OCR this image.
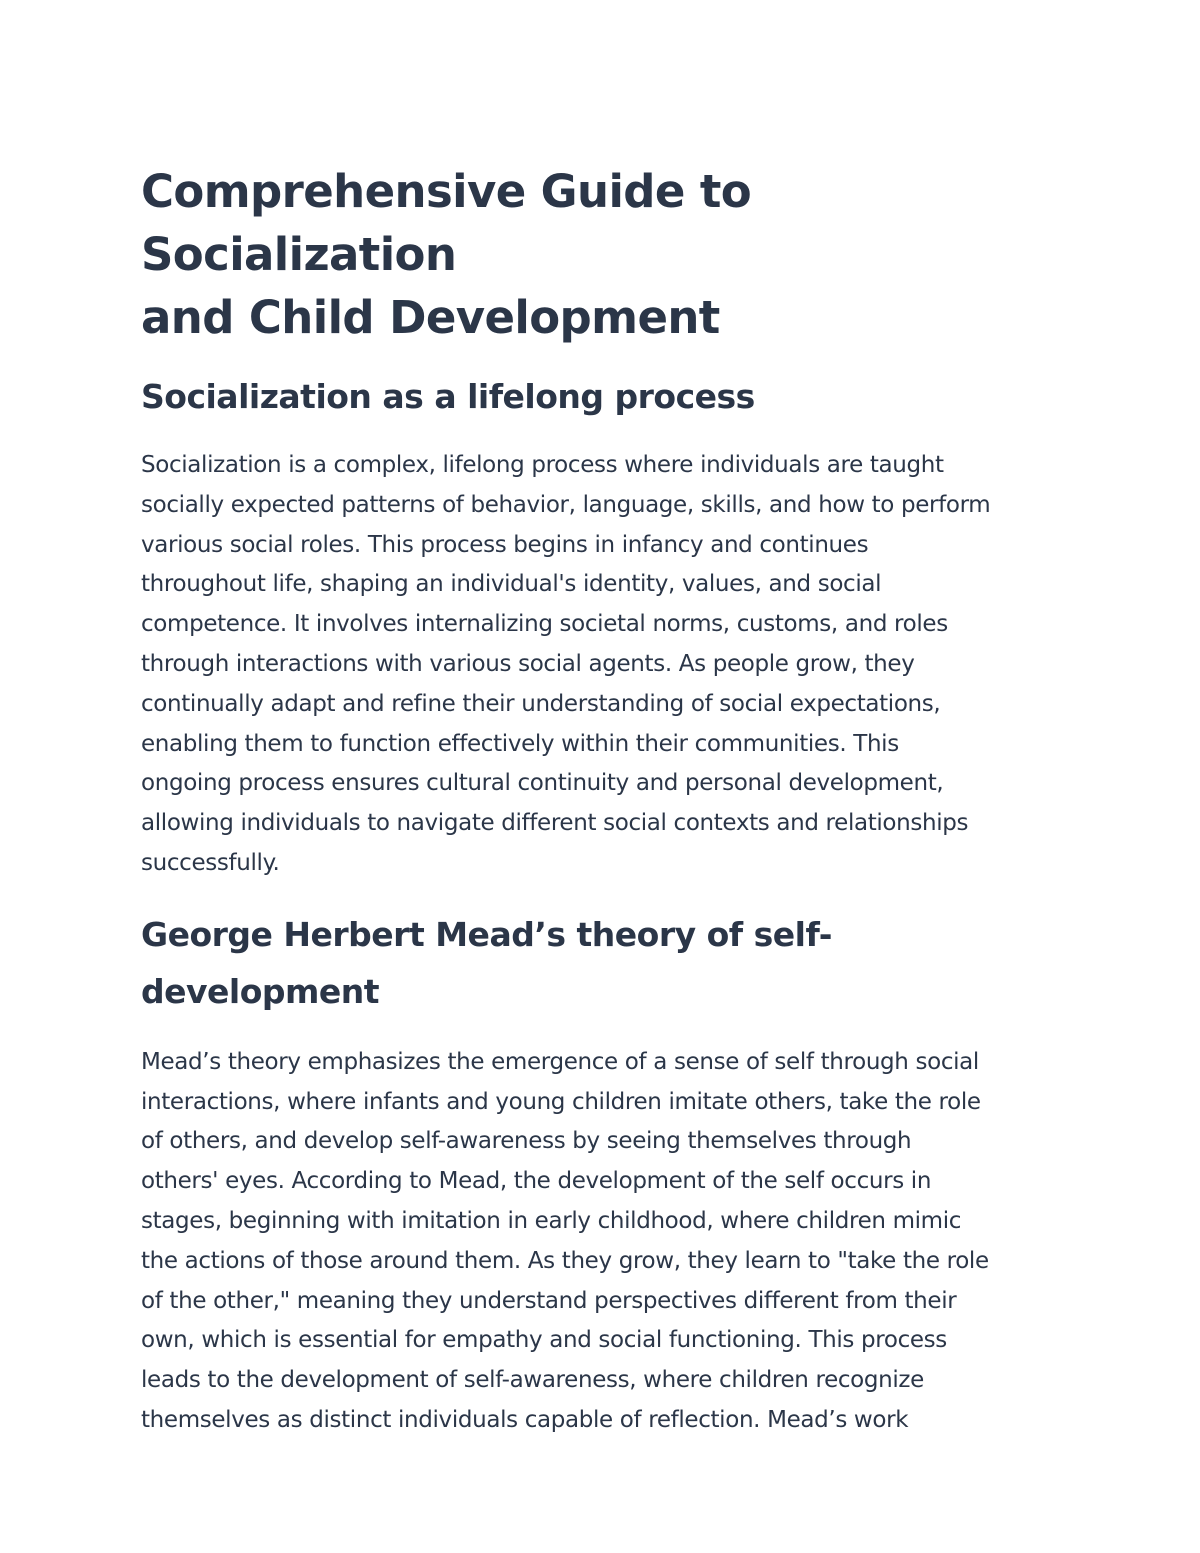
Comprehensive Guide to Socialization
and Child Development
Socialization as a lifelong process

Socialization is a complex, lifelong process where individuals are taught
socially expected patterns of behavior, language, skills, and how to perform
various social roles. This process begins in infancy and continues
throughout life, shaping an individual's identity, values, and social
competence. It involves internalizing societal norms, customs, and roles
through interactions with various social agents. As people grow, they
continually adapt and refine their understanding of social expectations,
enabling them to function effectively within their communities. This
ongoing process ensures cultural continuity and personal development,
allowing individuals to navigate different social contexts and relationships
successfully.

George Herbert Mead’s theory of self-
development

Mead’s theory emphasizes the emergence of a sense of self through social
interactions, where infants and young children imitate others, take the role
of others, and develop self-awareness by seeing themselves through
others' eyes. According to Mead, the development of the self occurs in
stages, beginning with imitation in early childhood, where children mimic
the actions of those around them. As they grow, they learn to "take the role
of the other," meaning they understand perspectives different from their
own, which is essential for empathy and social functioning. This process
leads to the development of self-awareness, where children recognize
themselves as distinct individuals capable of reflection. Mead’s work
